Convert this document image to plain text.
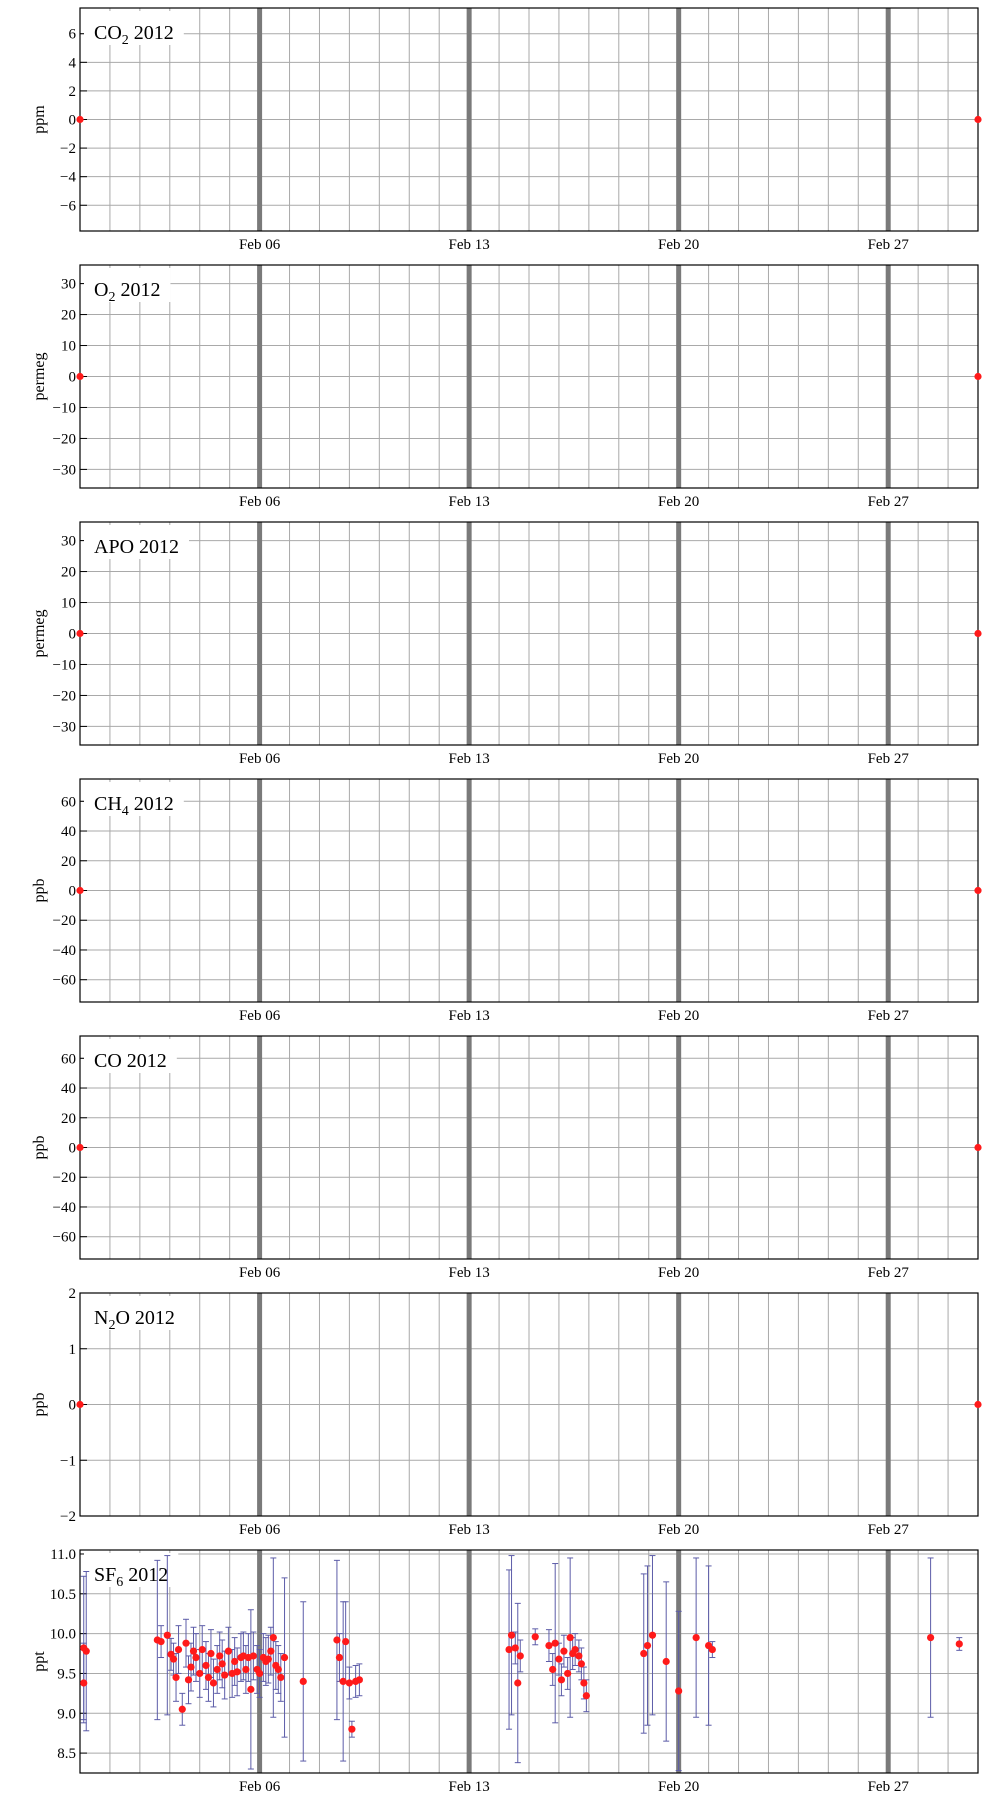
−6
−4
−2
0
2
4
6
Feb 06	Feb 13	Feb 20	Feb 27
ppm
$CO_2$ 2012
−30
−20
−10
0
10
20
30
Feb 06	Feb 13	Feb 20	Feb 27
permeg
$O_2$ 2012
−30
−20
−10
0
10
20
30
Feb 06	Feb 13	Feb 20	Feb 27
permeg
APO 2012
−60
−40
−20
0
20
40
60
Feb 06	Feb 13	Feb 20	Feb 27
ppb
$CH_4$ 2012
−60
−40
−20
0
20
40
60
Feb 06	Feb 13	Feb 20	Feb 27
ppb
CO 2012
−2
−1
0
1
2
Feb 06	Feb 13	Feb 20	Feb 27
ppb
$N_2O$ 2012
8.5
9.0
9.5
10.0
10.5
11.0
Feb 06	Feb 13	Feb 20	Feb 27
ppt
$SF_6$ 2012
